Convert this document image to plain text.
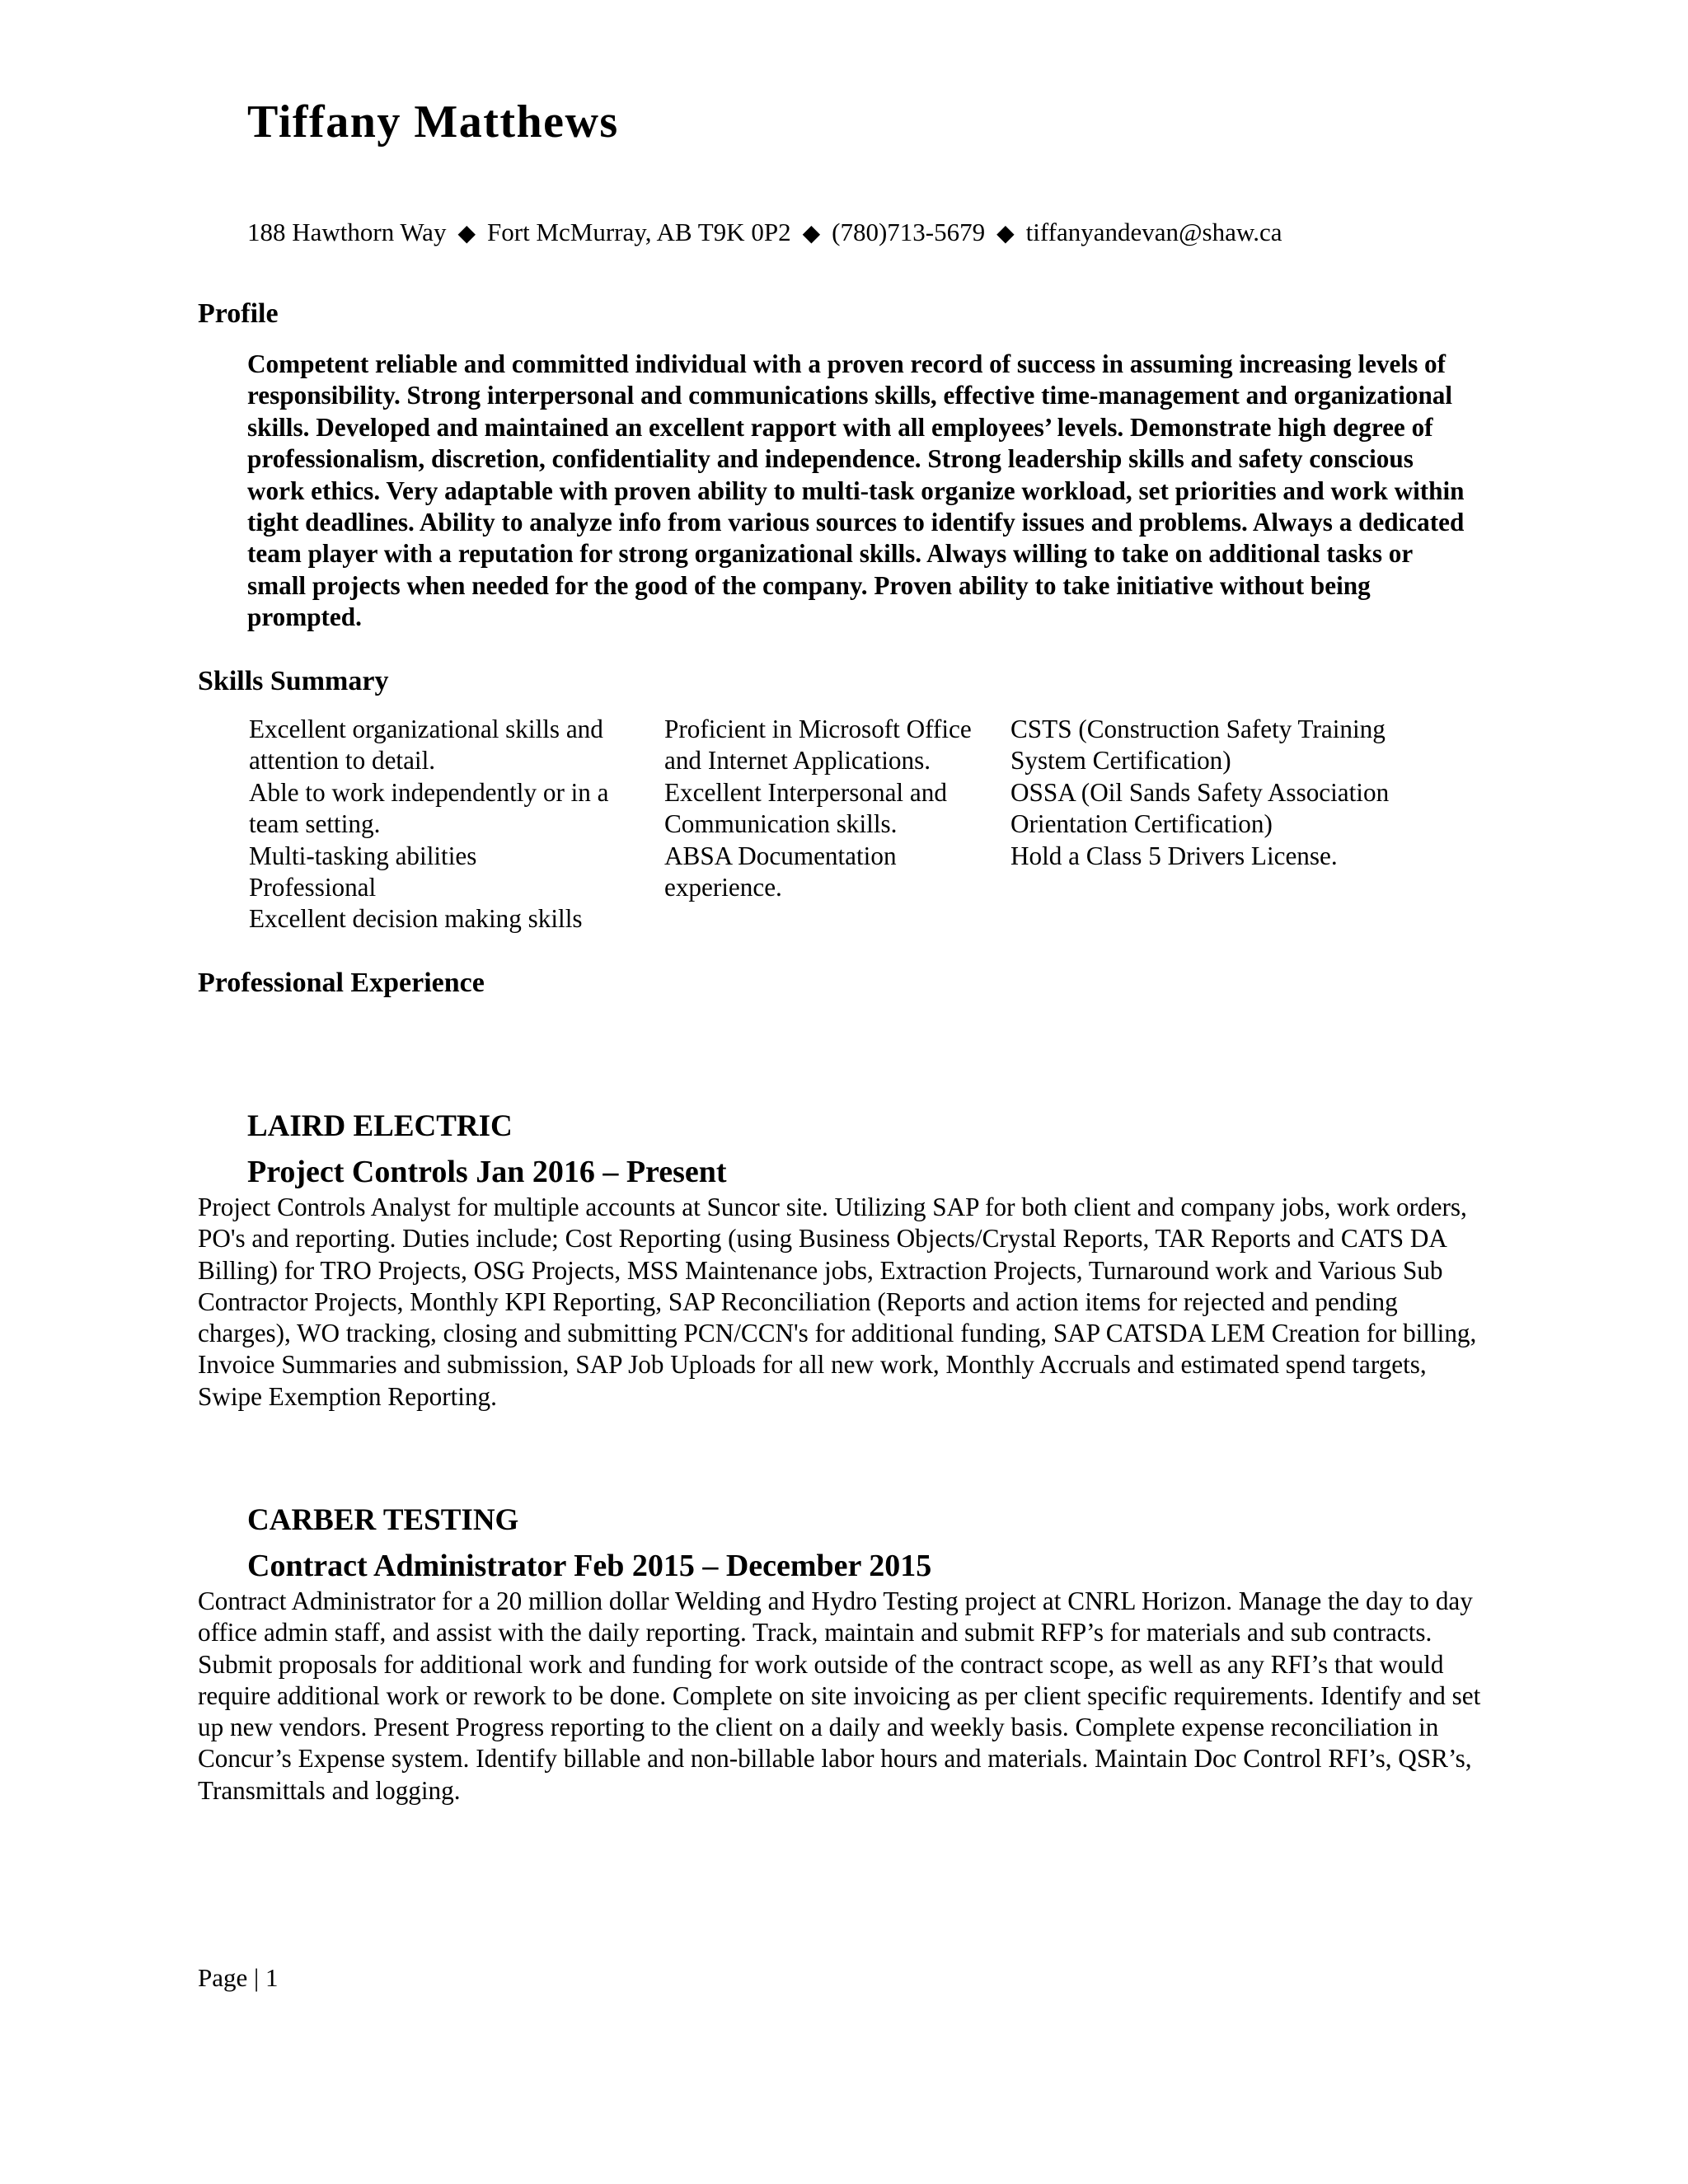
Tiffany Matthews
188 Hawthorn Way ◆ Fort McMurray, AB T9K 0P2 ◆ (780)713-5679 ◆ tiffanyandevan@shaw.ca
Profile

Competent reliable and committed individual with a proven record of success in assuming increasing levels of responsibility. Strong interpersonal and communications skills, effective time-management and organizational skills. Developed and maintained an excellent rapport with all employees’ levels. Demonstrate high degree of professionalism, discretion, confidentiality and independence. Strong leadership skills and safety conscious work ethics. Very adaptable with proven ability to multi-task organize workload, set priorities and work within tight deadlines. Ability to analyze info from various sources to identify issues and problems. Always a dedicated team player with a reputation for strong organizational skills. Always willing to take on additional tasks or small projects when needed for the good of the company. Proven ability to take initiative without being prompted.

Skills Summary
Excellent organizational skills and attention to detail.
Able to work independently or in a team setting.
Multi-tasking abilities
Professional
Excellent decision making skills
Proficient in Microsoft Office and Internet Applications.
Excellent Interpersonal and Communication skills.
ABSA Documentation experience.
CSTS (Construction Safety Training System Certification)
OSSA (Oil Sands Safety Association Orientation Certification)
Hold a Class 5 Drivers License.
Professional Experience
LAIRD ELECTRIC
Project Controls Jan 2016 – Present

Project Controls Analyst for multiple accounts at Suncor site. Utilizing SAP for both client and company jobs, work orders, PO's and reporting. Duties include; Cost Reporting (using Business Objects/Crystal Reports, TAR Reports and CATS DA Billing) for TRO Projects, OSG Projects, MSS Maintenance jobs, Extraction Projects, Turnaround work and Various Sub Contractor Projects, Monthly KPI Reporting, SAP Reconciliation (Reports and action items for rejected and pending charges), WO tracking, closing and submitting PCN/CCN's for additional funding, SAP CATSDA LEM Creation for billing, Invoice Summaries and submission, SAP Job Uploads for all new work, Monthly Accruals and estimated spend targets, Swipe Exemption Reporting.

CARBER TESTING
Contract Administrator Feb 2015 – December 2015

Contract Administrator for a 20 million dollar Welding and Hydro Testing project at CNRL Horizon. Manage the day to day office admin staff, and assist with the daily reporting. Track, maintain and submit RFP’s for materials and sub contracts. Submit proposals for additional work and funding for work outside of the contract scope, as well as any RFI’s that would require additional work or rework to be done. Complete on site invoicing as per client specific requirements. Identify and set up new vendors. Present Progress reporting to the client on a daily and weekly basis. Complete expense reconciliation in Concur’s Expense system. Identify billable and non-billable labor hours and materials. Maintain Doc Control RFI’s, QSR’s, Transmittals and logging.

Page | 1
